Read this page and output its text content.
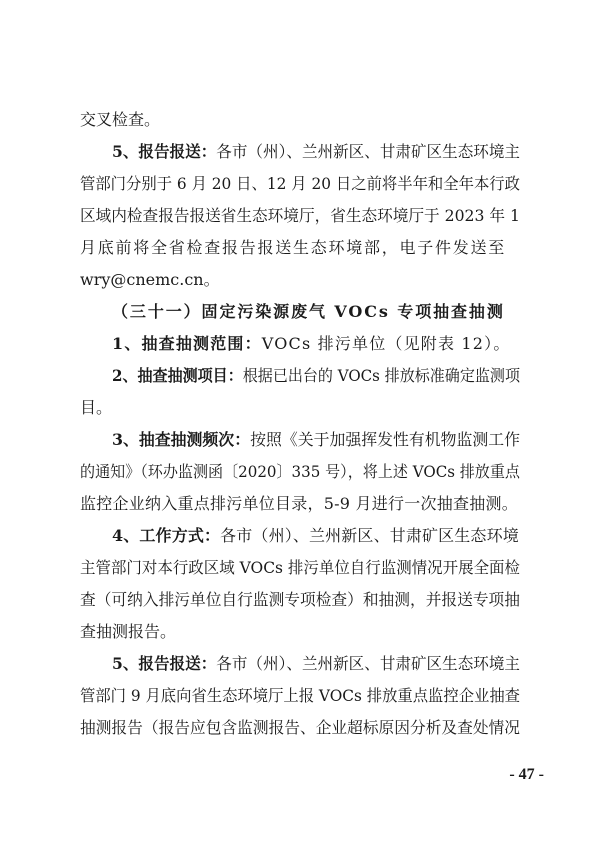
交叉检查。
5、报告报送：各市（州）、兰州新区、甘肃矿区生态环境主
管部门分别于 6 月 20 日、12 月 20 日之前将半年和全年本行政
区域内检查报告报送省生态环境厅，省生态环境厅于 2023 年 1
月底前将全省检查报告报送生态环境部，电子件发送至
wry@cnemc.cn。
（三十一）固定污染源废气 VOCs 专项抽查抽测
1、抽查抽测范围：VOCs 排污单位（见附表 12）。
2、抽查抽测项目：根据已出台的 VOCs 排放标准确定监测项
目。
3、抽查抽测频次：按照《关于加强挥发性有机物监测工作
的通知》（环办监测函〔2020〕335 号），将上述 VOCs 排放重点
监控企业纳入重点排污单位目录，5-9 月进行一次抽查抽测。
4、工作方式：各市（州）、兰州新区、甘肃矿区生态环境
主管部门对本行政区域 VOCs 排污单位自行监测情况开展全面检
查（可纳入排污单位自行监测专项检查）和抽测，并报送专项抽
查抽测报告。
5、报告报送：各市（州）、兰州新区、甘肃矿区生态环境主
管部门 9 月底向省生态环境厅上报 VOCs 排放重点监控企业抽查
抽测报告（报告应包含监测报告、企业超标原因分析及查处情况
- 47 -
